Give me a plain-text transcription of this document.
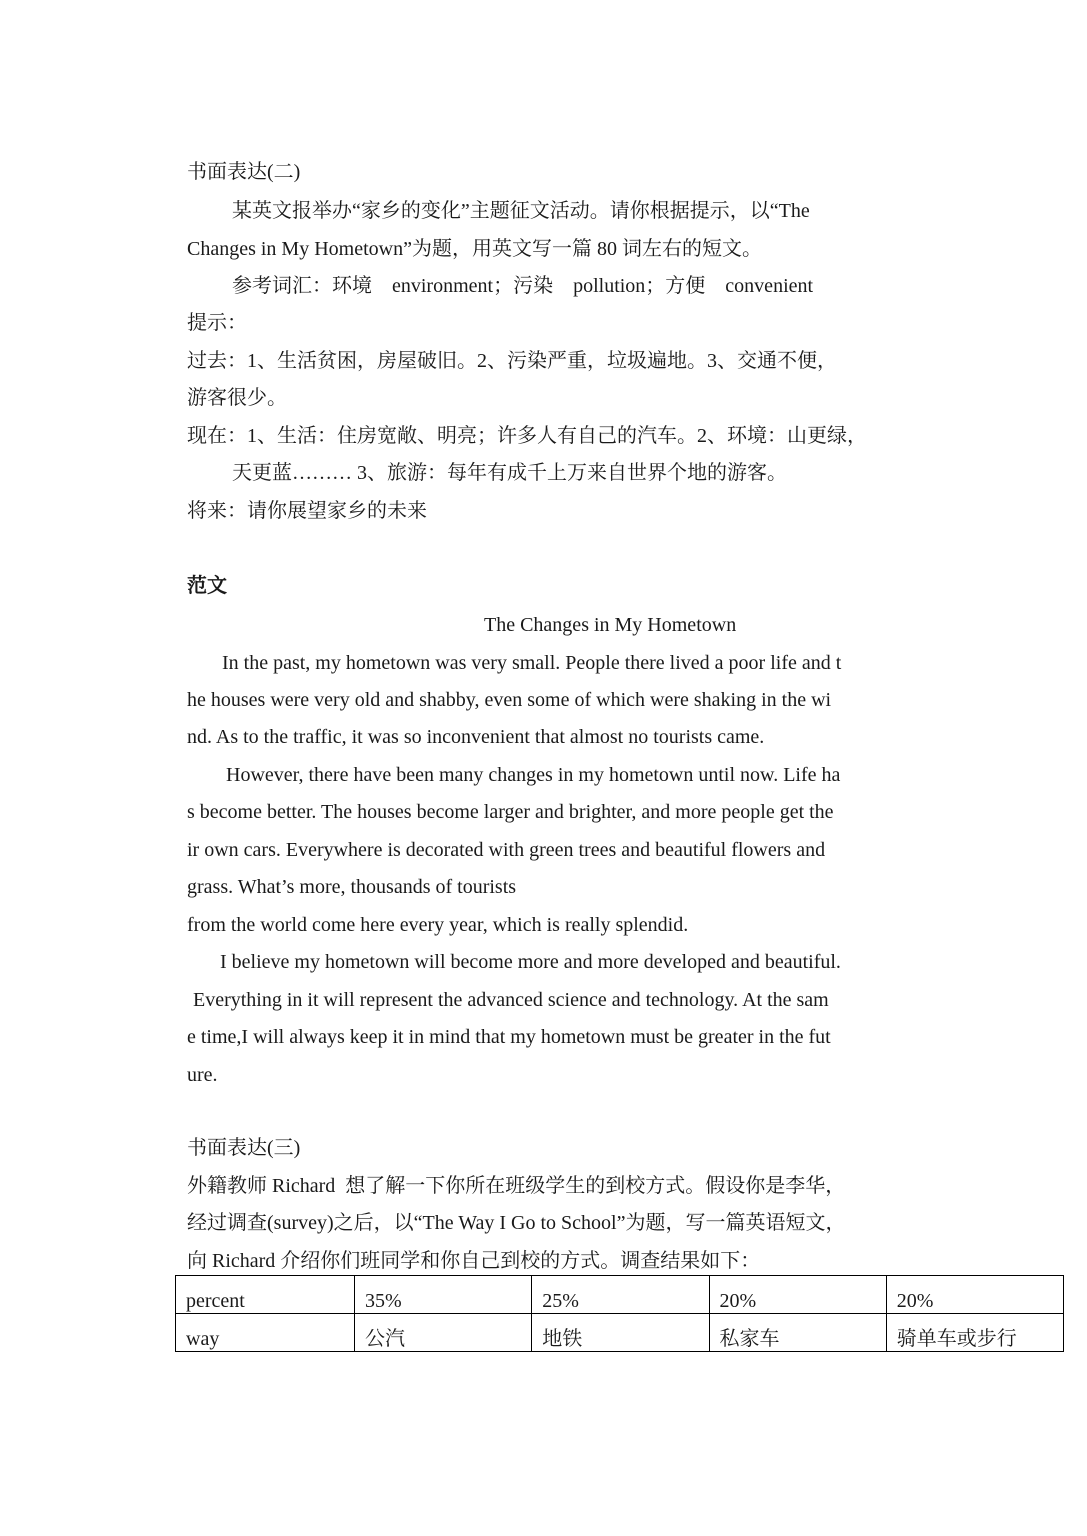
书面表达(二)
某英文报举办“家乡的变化”主题征文活动。请你根据提示，以“The
Changes in My Hometown”为题，用英文写一篇 80 词左右的短文。
参考词汇：环境    environment；污染    pollution；方便    convenient
提示：
过去：1、生活贫困，房屋破旧。2、污染严重，垃圾遍地。3、交通不便，
游客很少。
现在：1、生活：住房宽敞、明亮；许多人有自己的汽车。2、环境：山更绿，
天更蓝……… 3、旅游：每年有成千上万来自世界个地的游客。
将来：请你展望家乡的未来
范文
The Changes in My Hometown
In the past, my hometown was very small. People there lived a poor life and t
he houses were very old and shabby, even some of which were shaking in the wi
nd. As to the traffic, it was so inconvenient that almost no tourists came.
However, there have been many changes in my hometown until now. Life ha
s become better. The houses become larger and brighter, and more people get the
ir own cars. Everywhere is decorated with green trees and beautiful flowers and
grass. What’s more, thousands of tourists
from the world come here every year, which is really splendid.
I believe my hometown will become more and more developed and beautiful.
Everything in it will represent the advanced science and technology. At the sam
e time,I will always keep it in mind that my hometown must be greater in the fut
ure.
书面表达(三)
外籍教师 Richard  想了解一下你所在班级学生的到校方式。假设你是李华，
经过调查(survey)之后，以“The Way I Go to School”为题，写一篇英语短文，
向 Richard 介绍你们班同学和你自己到校的方式。调查结果如下：
percent	35%	25%	20%	20%
way	公汽	地铁	私家车	骑单车或步行
